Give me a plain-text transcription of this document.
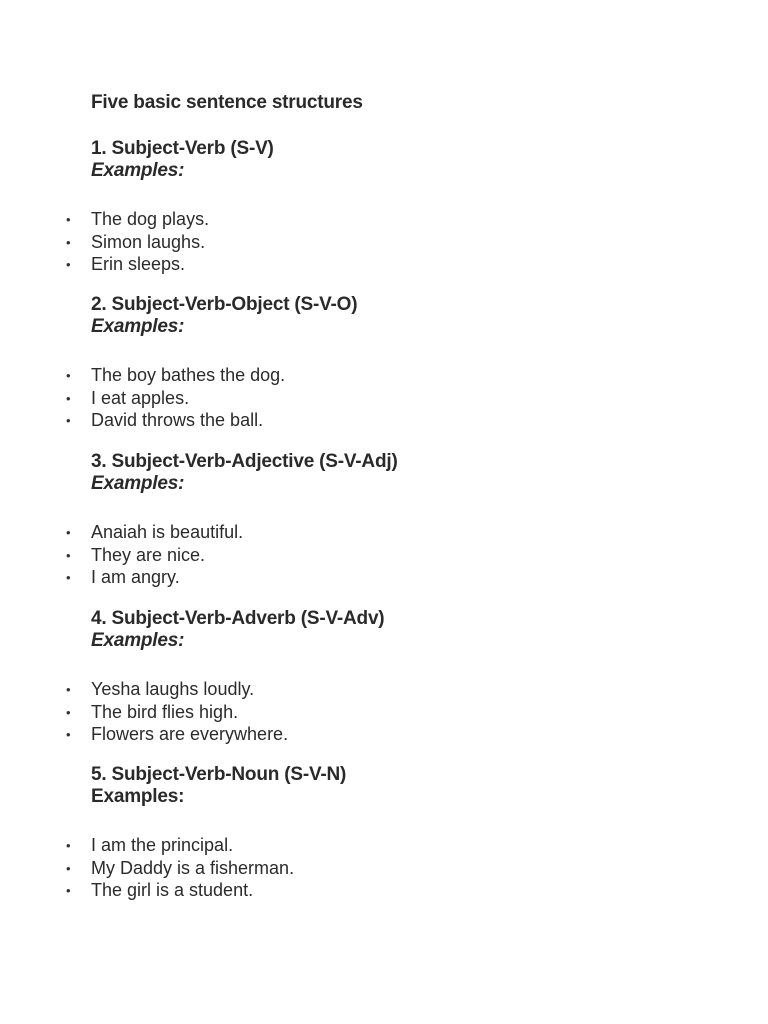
Five basic sentence structures
1. Subject-Verb (S-V)
Examples:
• The dog plays.
• Simon laughs.
• Erin sleeps.
2. Subject-Verb-Object (S-V-O)
Examples:
• The boy bathes the dog.
• I eat apples.
• David throws the ball.
3. Subject-Verb-Adjective (S-V-Adj)
Examples:
• Anaiah is beautiful.
• They are nice.
• I am angry.
4. Subject-Verb-Adverb (S-V-Adv)
Examples:
• Yesha laughs loudly.
• The bird flies high.
• Flowers are everywhere.
5. Subject-Verb-Noun (S-V-N)
Examples:
• I am the principal.
• My Daddy is a fisherman.
• The girl is a student.
